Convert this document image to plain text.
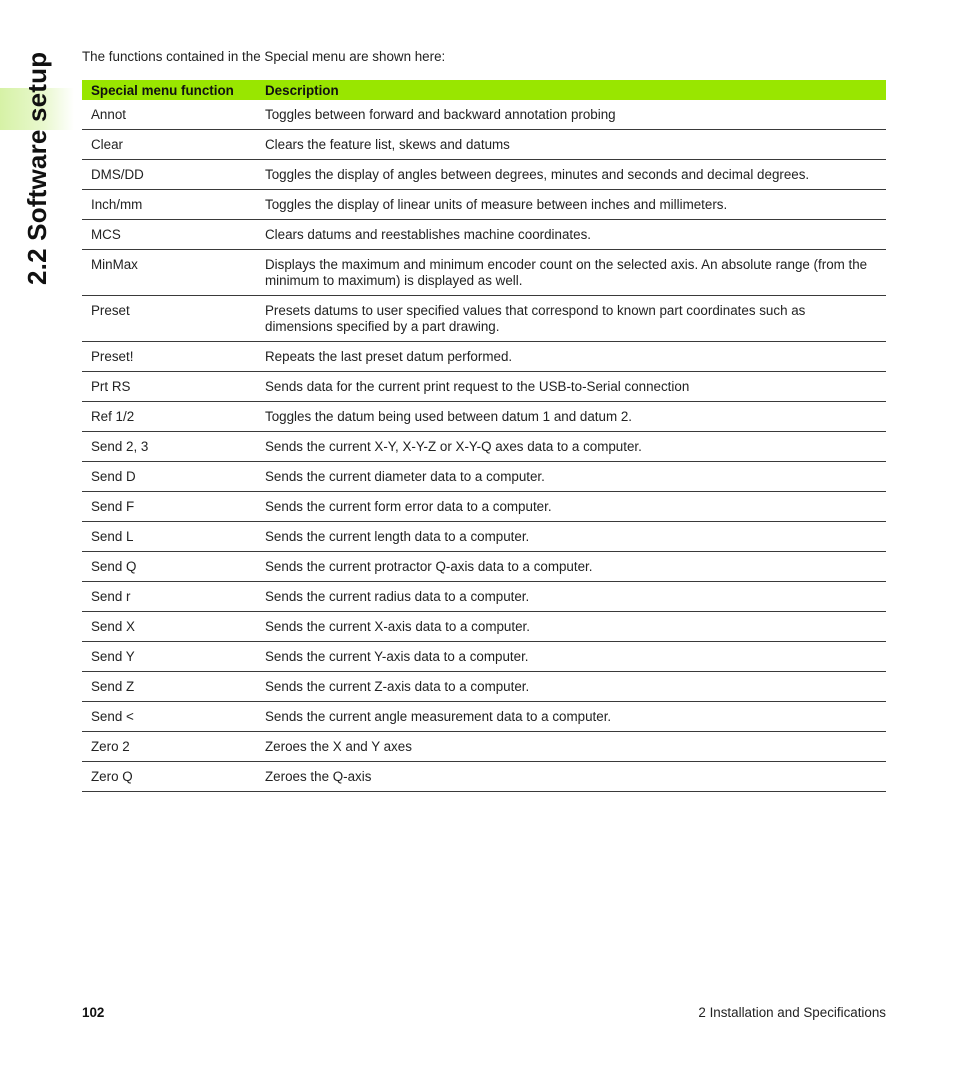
2.2 Software setup The functions contained in the Special menu are shown here:
Special menu function	Description
Annot	Toggles between forward and backward annotation probing
Clear	Clears the feature list, skews and datums
DMS/DD	Toggles the display of angles between degrees, minutes and seconds and decimal degrees.
Inch/mm	Toggles the display of linear units of measure between inches and millimeters.
MCS	Clears datums and reestablishes machine coordinates.
MinMax	Displays the maximum and minimum encoder count on the selected axis. An absolute range (from the minimum to maximum) is displayed as well.
Preset	Presets datums to user specified values that correspond to known part coordinates such as dimensions specified by a part drawing.
Preset!	Repeats the last preset datum performed.
Prt RS	Sends data for the current print request to the USB-to-Serial connection
Ref 1/2	Toggles the datum being used between datum 1 and datum 2.
Send 2, 3	Sends the current X-Y, X-Y-Z or X-Y-Q axes data to a computer.
Send D	Sends the current diameter data to a computer.
Send F	Sends the current form error data to a computer.
Send L	Sends the current length data to a computer.
Send Q	Sends the current protractor Q-axis data to a computer.
Send r	Sends the current radius data to a computer.
Send X	Sends the current X-axis data to a computer.
Send Y	Sends the current Y-axis data to a computer.
Send Z	Sends the current Z-axis data to a computer.
Send <	Sends the current angle measurement data to a computer.
Zero 2	Zeroes the X and Y axes
Zero Q	Zeroes the Q-axis
102	2 Installation and Specifications
